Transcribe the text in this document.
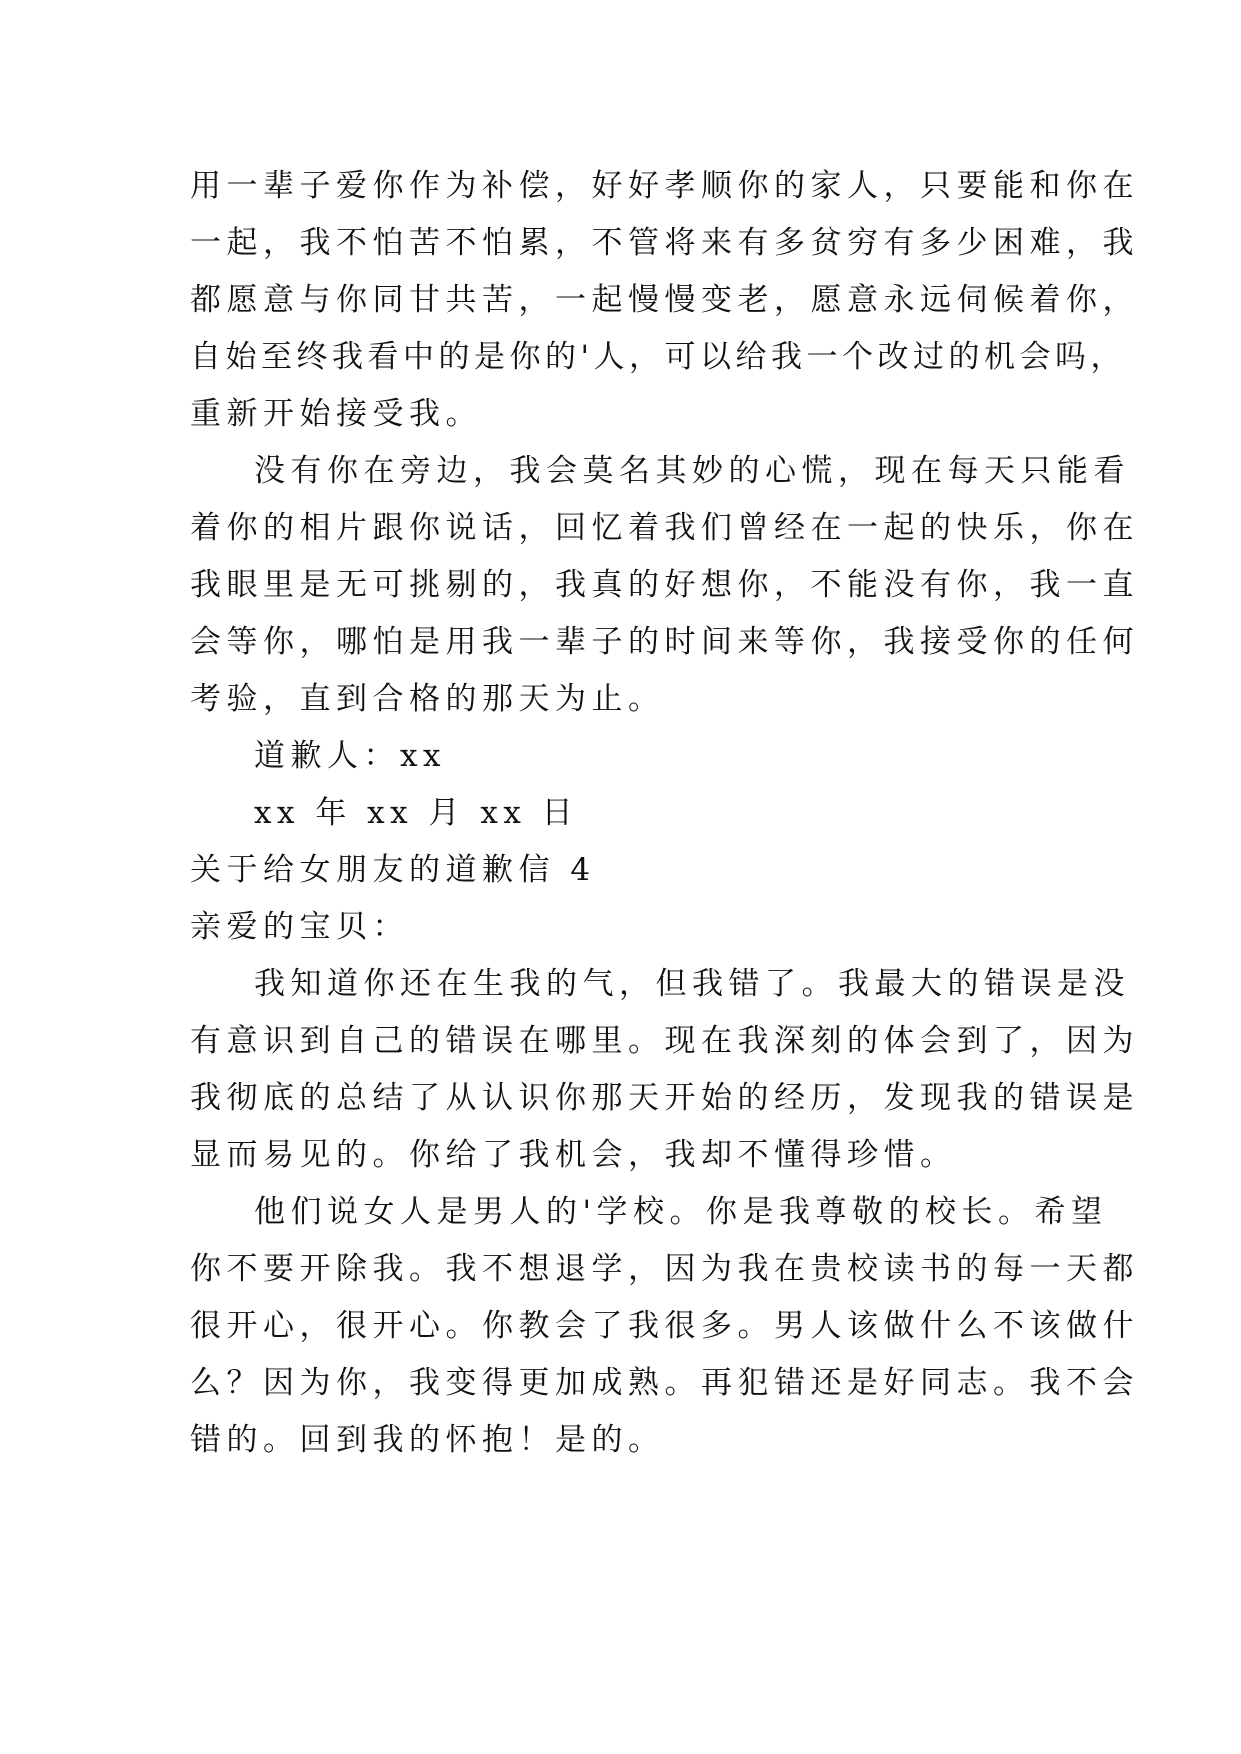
用一辈子爱你作为补偿，好好孝顺你的家人，只要能和你在
一起，我不怕苦不怕累，不管将来有多贫穷有多少困难，我
都愿意与你同甘共苦，一起慢慢变老，愿意永远伺候着你，
自始至终我看中的是你的'人，可以给我一个改过的机会吗，
重新开始接受我。
没有你在旁边，我会莫名其妙的心慌，现在每天只能看
着你的相片跟你说话，回忆着我们曾经在一起的快乐，你在
我眼里是无可挑剔的，我真的好想你，不能没有你，我一直
会等你，哪怕是用我一辈子的时间来等你，我接受你的任何
考验，直到合格的那天为止。
道歉人：xx
xx 年 xx 月 xx 日
关于给女朋友的道歉信 4
亲爱的宝贝：
我知道你还在生我的气，但我错了。我最大的错误是没
有意识到自己的错误在哪里。现在我深刻的体会到了，因为
我彻底的总结了从认识你那天开始的经历，发现我的错误是
显而易见的。你给了我机会，我却不懂得珍惜。
他们说女人是男人的'学校。你是我尊敬的校长。希望
你不要开除我。我不想退学，因为我在贵校读书的每一天都
很开心，很开心。你教会了我很多。男人该做什么不该做什
么？因为你，我变得更加成熟。再犯错还是好同志。我不会
错的。回到我的怀抱！是的。
